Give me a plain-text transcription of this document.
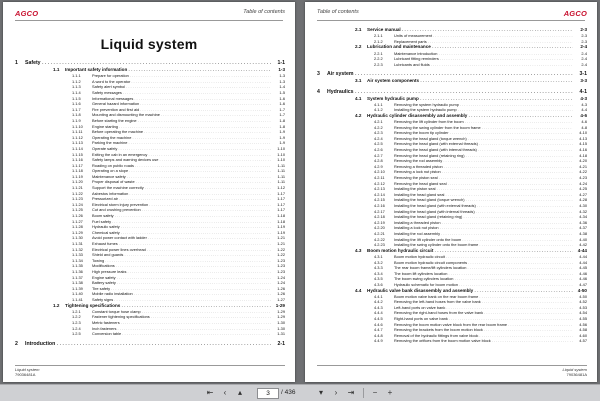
AGCO	Table of contents
Liquid system
1 Safety . . .	1-1
1.1 Important safety information . . .	1-3
1.1.1	Prepare for operation . . .	1-3
1.1.2	A word to the operator . . .	1-3
1.1.3	Safety alert symbol . . .	1-4
1.1.4	Safety messages . . .	1-5
1.1.5	Informational messages . . .	1-6
1.1.6	General hazard information . . .	1-6
1.1.7	Fire prevention and first aid . . .	1-7
1.1.8	Mounting and dismounting the machine . . .	1-7
1.1.9	Before starting the engine . . .	1-8
1.1.10 Engine starting . . .	1-8
1.1.11 Before operating the machine . . .	1-9
1.1.12 Operating the machine . . .	1-9
1.1.13 Parking the machine . . .	1-9
1.1.14 Operate safely . . .	1-10
1.1.15 Exiting the cab in an emergency . . .	1-10
1.1.16 Safety lamps and warning devices use . . .	1-10
1.1.17 Roading on public roads . . .	1-11
1.1.18 Operating on a slope . . .	1-11
1.1.19 Maintenance safety . . .	1-11
1.1.20 Proper disposal of waste . . .	1-11
1.1.21 Support the machine correctly . . .	1-12
1.1.22 Asbestos information . . .	1-17
1.1.23 Pressurized air . . .	1-17
1.1.24 Electrical storm injury prevention . . .	1-17
1.1.25 Cut and crushing prevention . . .	1-17
1.1.26 Boom safety . . .	1-18
1.1.27 Fuel safety . . .	1-18
1.1.28 Hydraulic safety . . .	1-19
1.1.29 Chemical safety . . .	1-19
1.1.30 Avoid power contact with ladder . . .	1-21
1.1.31 Exhaust fumes . . .	1-21
1.1.32 Electrical power lines overhead . . .	1-22
1.1.33 Shield and guards . . .	1-22
1.1.34 Towing . . .	1-23
1.1.35 Modifications . . .	1-23
1.1.36 High pressure leaks . . .	1-23
1.1.37 Engine safety . . .	1-24
1.1.38 Battery safety . . .	1-24
1.1.39 Tire safety . . .	1-26
1.1.40 Mobile radio installation . . .	1-26
1.1.41 Safety signs . . .	1-27
1.2 Tightening specifications . . .	1-29
1.2.1	Constant torque hose clamp . . .	1-29
1.2.2	Fastener tightening specifications . . .	1-29
1.2.3	Metric fasteners . . .	1-30
1.2.4	Inch fasteners . . .	1-30
1.2.5	Conversion table . . .	1-31
2 Introduction . . .	2-1
Liquid system
79036481A
Table of contents	AGCO
2.1 Service manual . . .	2-3
2.1.1	Units of measurement . . .	2-3
2.1.2	Replacement parts . . .	2-3
2.2 Lubrication and maintenance . . .	2-4
2.2.1	Maintenance introduction . . .	2-4
2.2.2	Lubricant fitting reminders . . .	2-4
2.2.3	Lubricants and fluids . . .	2-4
3 Air system . . .	3-1
3.1 Air system components . . .	3-3
4 Hydraulics . . .	4-1
4.1 System hydraulic pump . . .	4-3
4.1.1	Removing the system hydraulic pump . . .	4-3
4.1.2	Installing the system hydraulic pump . . .	4-4
4.2 Hydraulic cylinder disassembly and assembly . . .	4-6
4.2.1	Removing the lift cylinder from the boom . . .	4-6
4.2.2	Removing the swing cylinder from the boom frame . . .	4-8
4.2.3	Removing the boom tip cylinder . . .	4-10
4.2.4	Removing the head gland (torque wrench) . . .	4-13
4.2.5	Removing the head gland (with external threads) . . .	4-15
4.2.6	Removing the head gland (with internal threads) . . .	4-16
4.2.7	Removing the head gland (retaining ring) . . .	4-18
4.2.8	Removing the rod assembly . . .	4-20
4.2.9	Removing a threaded piston . . .	4-21
4.2.10 Removing a lock nut piston . . .	4-22
4.2.11 Removing the piston seal . . .	4-23
4.2.12 Removing the head gland seal . . .	4-24
4.2.13 Installing the piston seal . . .	4-25
4.2.14 Installing the head gland seal . . .	4-27
4.2.15 Installing the head gland (torque wrench) . . .	4-28
4.2.16 Installing the head gland (with external threads) . . .	4-30
4.2.17 Installing the head gland (with internal threads) . . .	4-32
4.2.18 Installing the head gland (retaining ring) . . .	4-34
4.2.19 Installing a threaded piston . . .	4-36
4.2.20 Installing a lock nut piston . . .	4-37
4.2.21 Installing the rod assembly . . .	4-38
4.2.22 Installing the lift cylinder onto the boom . . .	4-40
4.2.23 Installing the swing cylinder onto the boom frame . . .	4-42
4.3 Boom motion hydraulic circuit . . .	4-44
4.3.1	Boom motion hydraulic circuit . . .	4-44
4.3.2	Boom motion hydraulic circuit components . . .	4-44
4.3.3	The rear boom frame/lift cylinders location . . .	4-45
4.3.4	The boom lift cylinders location . . .	4-46
4.3.5	The boom swing cylinders location . . .	4-46
4.3.6	Hydraulic schematic for boom motion . . .	4-47
4.4 Hydraulic valve bank disassembly and assembly . . .	4-50
4.4.1	Boom motion valve bank on the rear boom frame . . .	4-50
4.4.2	Removing the left-hand hoses from the valve bank . . .	4-52
4.4.3	Left-hand ports on valve bank . . .	4-53
4.4.4	Removing the right-hand hoses from the valve bank . . .	4-54
4.4.5	Right-hand ports on valve bank . . .	4-55
4.4.6	Removing the boom motion valve block from the rear boom frame . . .	4-56
4.4.7	Removing the brackets from the boom motion block . . .	4-58
4.4.8	Removal of the hydraulic fittings from valve block . . .	4-60
4.4.9	Removing the orifices from the boom motion valve block . . .	4-57
Liquid system
79036481A
⇤	‹	▴	3	/ 436	▾	›	⇥	−	+
